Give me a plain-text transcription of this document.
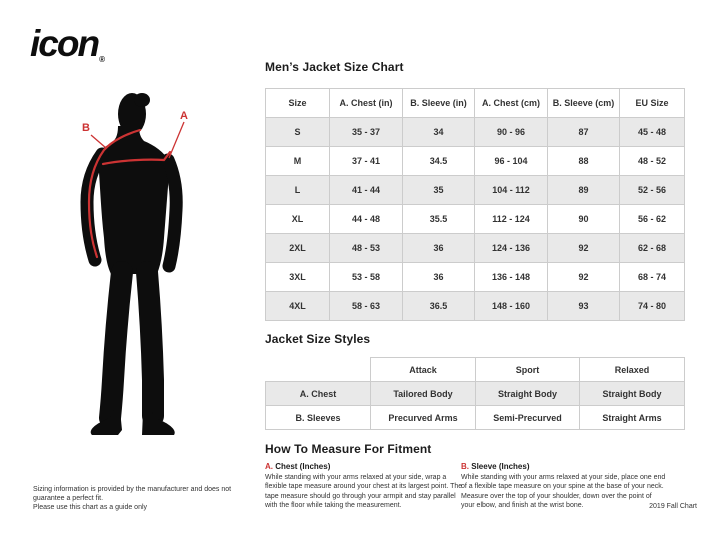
icon®
A
B
Men’s Jacket Size Chart
Size	A. Chest (in)	B. Sleeve (in)	A. Chest (cm)	B. Sleeve (cm)	EU Size
S	35 - 37	34	90 - 96	87	45 - 48
M	37 - 41	34.5	96 - 104	88	48 - 52
L	41 - 44	35	104 - 112	89	52 - 56
XL	44 - 48	35.5	112 - 124	90	56 - 62
2XL	48 - 53	36	124 - 136	92	62 - 68
3XL	53 - 58	36	136 - 148	92	68 - 74
4XL	58 - 63	36.5	148 - 160	93	74 - 80
Jacket Size Styles
	Attack	Sport	Relaxed
A. Chest	Tailored Body	Straight Body	Straight Body
B. Sleeves	Precurved Arms	Semi-Precurved	Straight Arms
How To Measure For Fitment
A. Chest (Inches)

While standing with your arms relaxed at your side, wrap a flexible tape measure around your chest at its largest point. The tape measure should go through your armpit and stay parallel with the floor while taking the measurement.

B. Sleeve (Inches)

While standing with your arms relaxed at your side, place one end of a flexible tape measure on your spine at the base of your neck. Measure over the top of your shoulder, down over the point of your elbow, and finish at the wrist bone.

Sizing information is provided by the manufacturer and does not guarantee a perfect fit.
Please use this chart as a guide only	2019 Fall Chart
